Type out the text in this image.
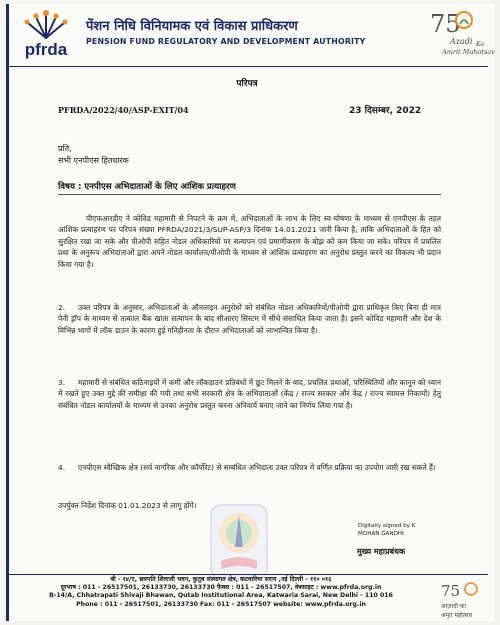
pfrda
पेंशन निधि विनियामक एवं विकास प्राधिकरण
PENSION FUND REGULATORY AND DEVELOPMENT AUTHORITY
75
Azadi Ka
Amrit Mahotsav
परिपत्र
PFRDA/2022/40/ASP-EXIT/04	23 दिसम्बर, 2022
प्रति,
सभी एनपीएस हितधारक
विषय : एनपीएस अभिदाताओं के लिए आंशिक प्रत्याहरण
पीएफआरडीए ने कोविड महामारी से निपटने के क्रम में, अभिदाताओं के लाभ के लिए स्व-घोषणा के माध्यम से एनपीएस के तहत आंशिक प्रत्याहरण पर परिपत्र संख्या PFRDA/2021/3/SUP-ASP/3 दिनांक 14.01.2021 जारी किया है, ताकि अभिदाताओं के हित को सुरक्षित रखा जा सके और पीओपी सहित नोडल अधिकारियों पर सत्यापन एवं प्रमाणीकरण के बोझ को कम किया जा सके। परिपत्र में प्रचलित प्रथा के अनुरूप अभिदाताओं द्वारा अपने नोडल कार्यालय/पीओपी के माध्यम से आंशिक प्रत्याहरण का अनुरोध प्रस्तुत करने का विकल्प भी प्रदान किया गया है।
2. उक्त परिपत्र के अनुसार, अभिदाताओं के ऑनलाइन अनुरोधों को संबंधित नोडल अधिकारियों/पीओपी द्वारा प्राधिकृत किए बिना ही मात्र पेनी ड्रॉप के माध्यम से तत्काल बैंक खाता सत्यापन के बाद सीआरए सिस्टम में सीधे संसाधित किया जाता है। इसने कोविड महामारी और देश के विभिन्न भागों में लॉक डाउन के कारण हुई गतिहीनता के दौरान अभिदाताओं को लाभान्वित किया है।
3. महामारी से संबंधित कठिनाइयों में कमी और लॉकडाउन प्रतिबंधों में छूट मिलने के बाद, प्रचलित प्रथाओं, परिस्थितियों और कानून को ध्यान में रखते हुए उक्त मुद्दे की समीक्षा की गयी तथा सभी सरकारी क्षेत्र के अभिदाताओं (केंद्र / राज्य सरकार और केंद्र / राज्य स्वायत्त निकायों) हेतु संबंधित नोडल कार्यालयों के माध्यम से उनका अनुरोध प्रस्तुत करना अनिवार्य बनाए जाने का निर्णय लिया गया है।
4. एनपीएस स्वैच्छिक क्षेत्र (सर्व नागरिक और कॉर्पोरेट) से सम्बंधित अभिदाता उक्त परिपत्र में वर्णित प्रक्रिया का उपयोग जारी रख सकते हैं।
उपर्युक्त निर्देश दिनांक 01.01.2023 से लागू होंगे।
Digitally signed by K
MOHAN GANDHI
मुख्य महाप्रबंधक

बी - १४/ए, छत्रपति शिवाजी भवन, कुतुब संस्थागत क्षेत्र, कटवारिया सराय ,नई दिल्ली - ११० ०१६

दूरभाष : 011 - 26517501, 26133730, 26133730 फैक्स : 011 - 26517507, वेबसाइट : www.pfrda.org.in

B-14/A, Chhatrapati Shivaji Bhawan, Qutab Institutional Area, Katwaria Sarai, New Delhi - 110 016

Phone : 011 - 26517501, 26133730 Fax: 011 - 26517507 website: www.pfrda.org.in

75
आज़ादी का
अमृत महोत्सव
